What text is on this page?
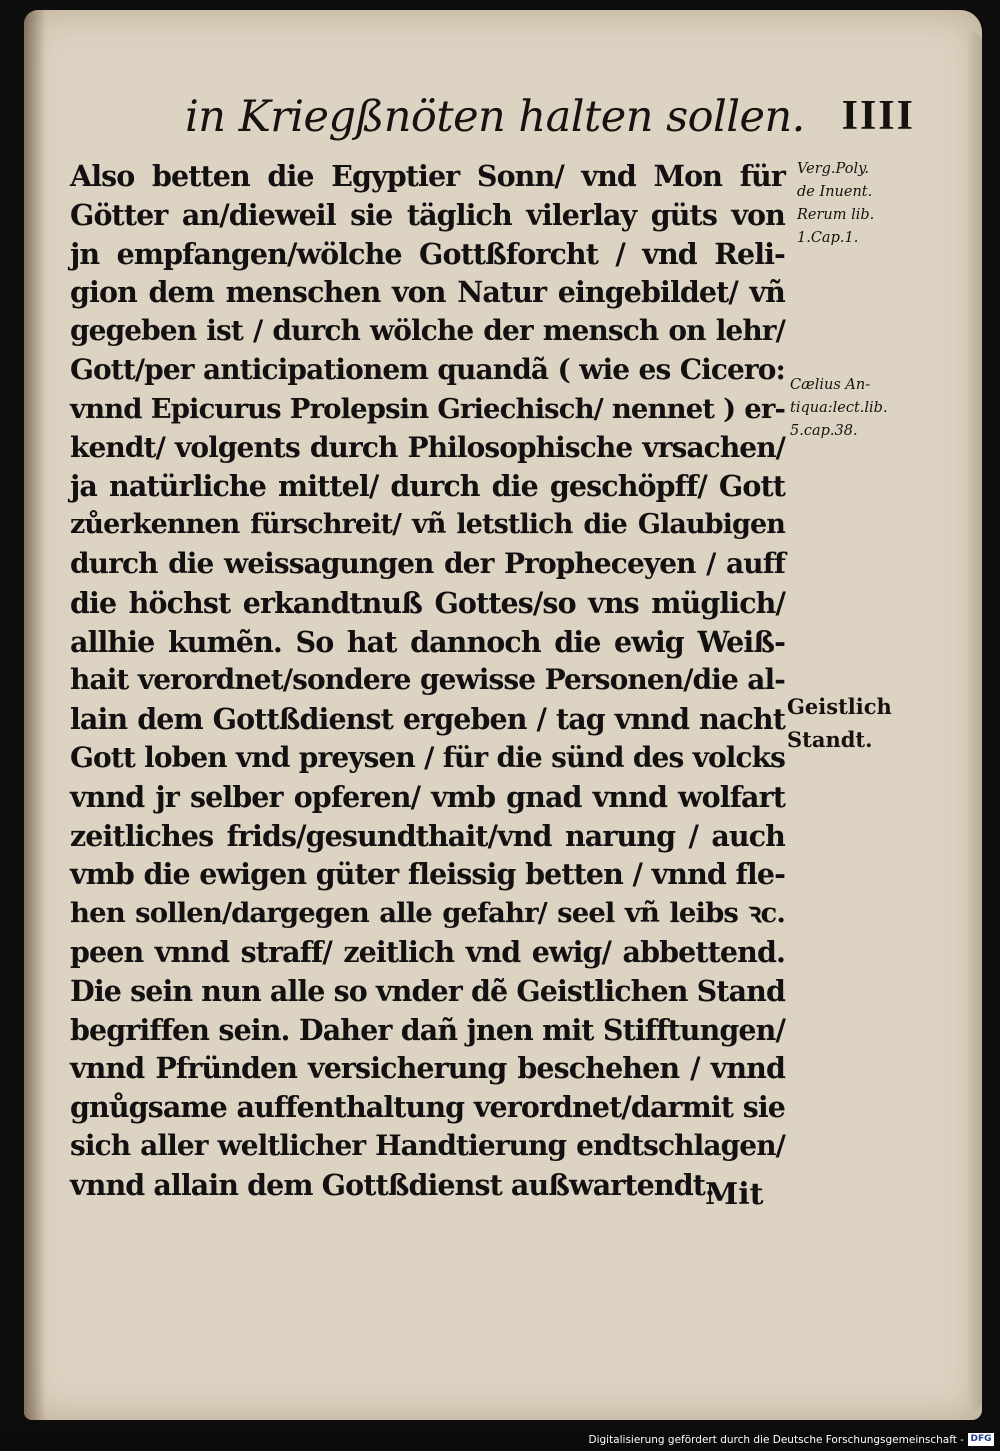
in Kriegßnöten halten sollen. IIII
Also betten die Egyptier Sonn/ vnd Mon für
Götter an/dieweil sie täglich vilerlay güts von
jn empfangen/wölche Gottßforcht / vnd Reli-
gion dem menschen von Natur eingebildet/ vñ
gegeben ist / durch wölche der mensch on lehr/
Gott/per anticipationem quandã ( wie es Cicero:
vnnd Epicurus Prolepsin Griechisch/ nennet ) er-
kendt/ volgents durch Philosophische vrsachen/
ja natürliche mittel/ durch die geschöpff/ Gott
zůerkennen fürschreit/ vñ letstlich die Glaubigen
durch die weissagungen der Propheceyen / auff
die höchst erkandtnuß Gottes/so vns müglich/
allhie kumẽn. So hat dannoch die ewig Weiß-
hait verordnet/sondere gewisse Personen/die al-
lain dem Gottßdienst ergeben / tag vnnd nacht
Gott loben vnd preysen / für die sünd des volcks
vnnd jr selber opferen/ vmb gnad vnnd wolfart
zeitliches frids/gesundthait/vnd narung / auch
vmb die ewigen güter fleissig betten / vnnd fle-
hen sollen/dargegen alle gefahr/ seel vñ leibs ꝛc.
peen vnnd straff/ zeitlich vnd ewig/ abbettend.
Die sein nun alle so vnder dẽ Geistlichen Stand
begriffen sein. Daher dañ jnen mit Stifftungen/
vnnd Pfründen versicherung beschehen / vnnd
gnůgsame auffenthaltung verordnet/darmit sie
sich aller weltlicher Handtierung endtschlagen/
vnnd allain dem Gottßdienst außwartendt.
Mit
Verg.Poly.
de Inuent.
Rerum lib.
1.Cap.1.
Cælius An-
tiqua:lect.lib.
5.cap.38.
Geistlich
Standt.
Digitalisierung gefördert durch die Deutsche Forschungsgemeinschaft - DFG
